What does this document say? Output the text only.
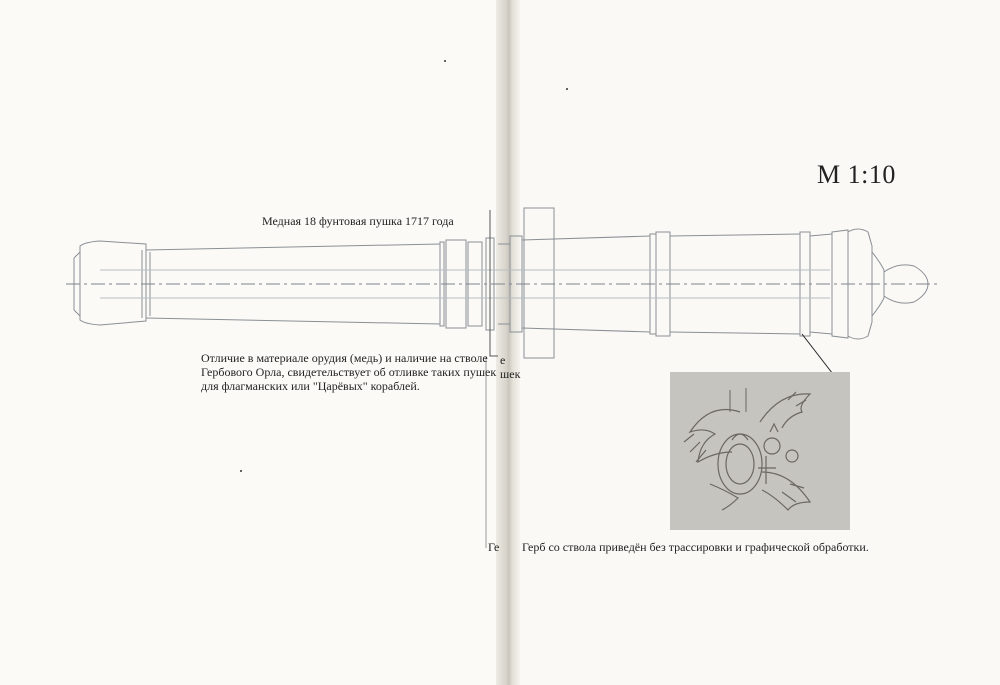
Медная 18 фунтовая пушка 1717 года
М 1:10
Отличие в материале орудия (медь) и наличие на стволе
Гербового Орла, свидетельствует об отливке таких пушек
для флагманских или "Царёвых" кораблей.
е
шек
Ге Герб со ствола приведён без трассировки и графической обработки.
